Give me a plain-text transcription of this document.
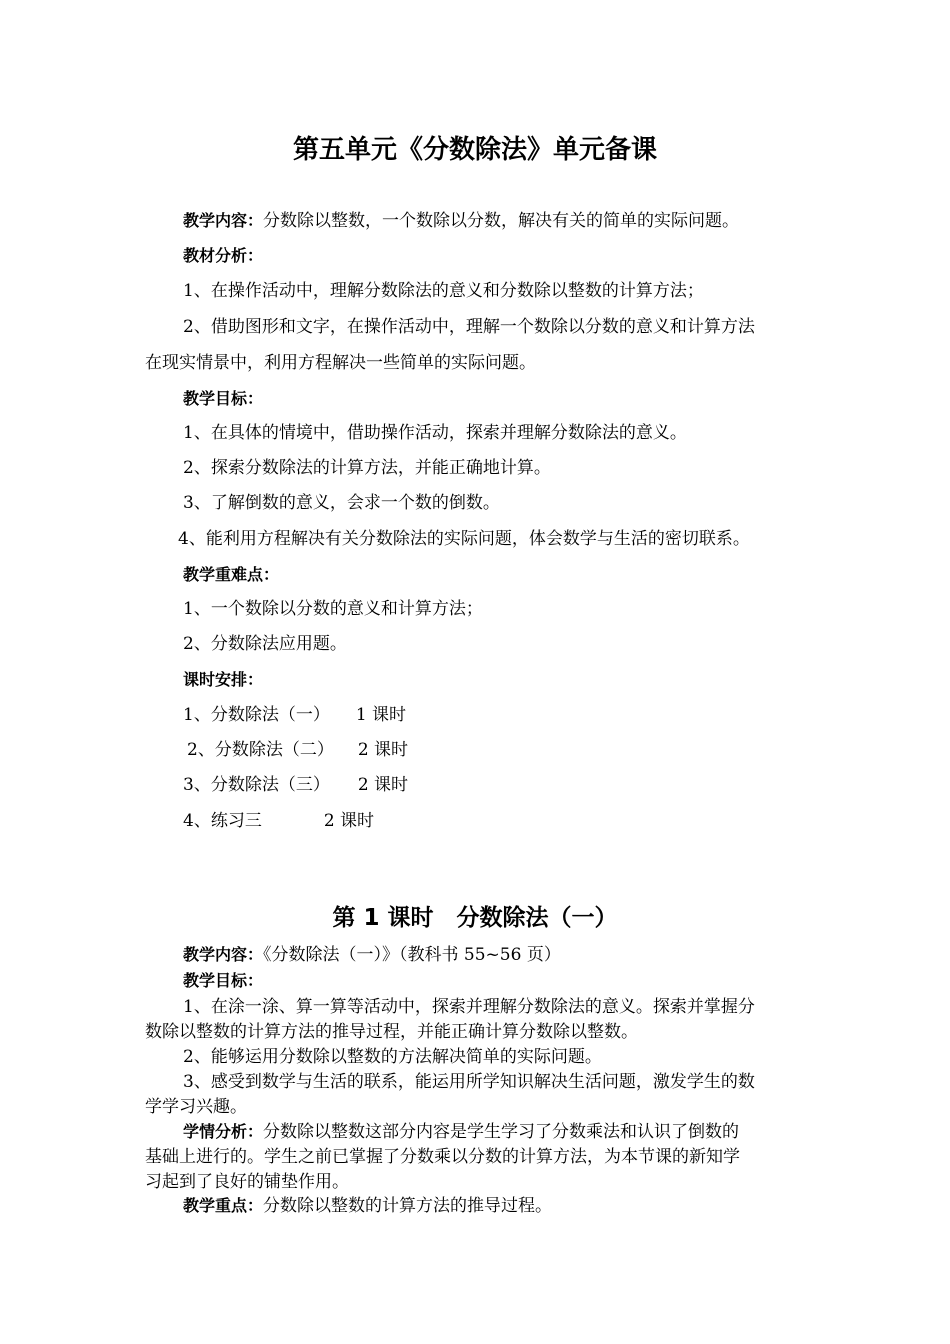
第五单元《分数除法》单元备课
教学内容：分数除以整数，一个数除以分数，解决有关的简单的实际问题。
教材分析：
1、在操作活动中，理解分数除法的意义和分数除以整数的计算方法；
2、借助图形和文字，在操作活动中，理解一个数除以分数的意义和计算方法
在现实情景中，利用方程解决一些简单的实际问题。
教学目标：
1、在具体的情境中，借助操作活动，探索并理解分数除法的意义。
2、探索分数除法的计算方法，并能正确地计算。
3、了解倒数的意义，会求一个数的倒数。
4、能利用方程解决有关分数除法的实际问题，体会数学与生活的密切联系。
教学重难点：
1、一个数除以分数的意义和计算方法；
2、分数除法应用题。
课时安排：
1、分数除法（一） 1 课时
2、分数除法（二） 2 课时
3、分数除法（三） 2 课时
4、练习三	2 课时
第 1 课时　分数除法（一）
教学内容：《分数除法（一）》（教科书 55~56 页）
教学目标：
1、在涂一涂、算一算等活动中，探索并理解分数除法的意义。探索并掌握分
数除以整数的计算方法的推导过程，并能正确计算分数除以整数。
2、能够运用分数除以整数的方法解决简单的实际问题。
3、感受到数学与生活的联系，能运用所学知识解决生活问题，激发学生的数
学学习兴趣。
学情分析：分数除以整数这部分内容是学生学习了分数乘法和认识了倒数的
基础上进行的。学生之前已掌握了分数乘以分数的计算方法，为本节课的新知学
习起到了良好的铺垫作用。
教学重点：分数除以整数的计算方法的推导过程。
